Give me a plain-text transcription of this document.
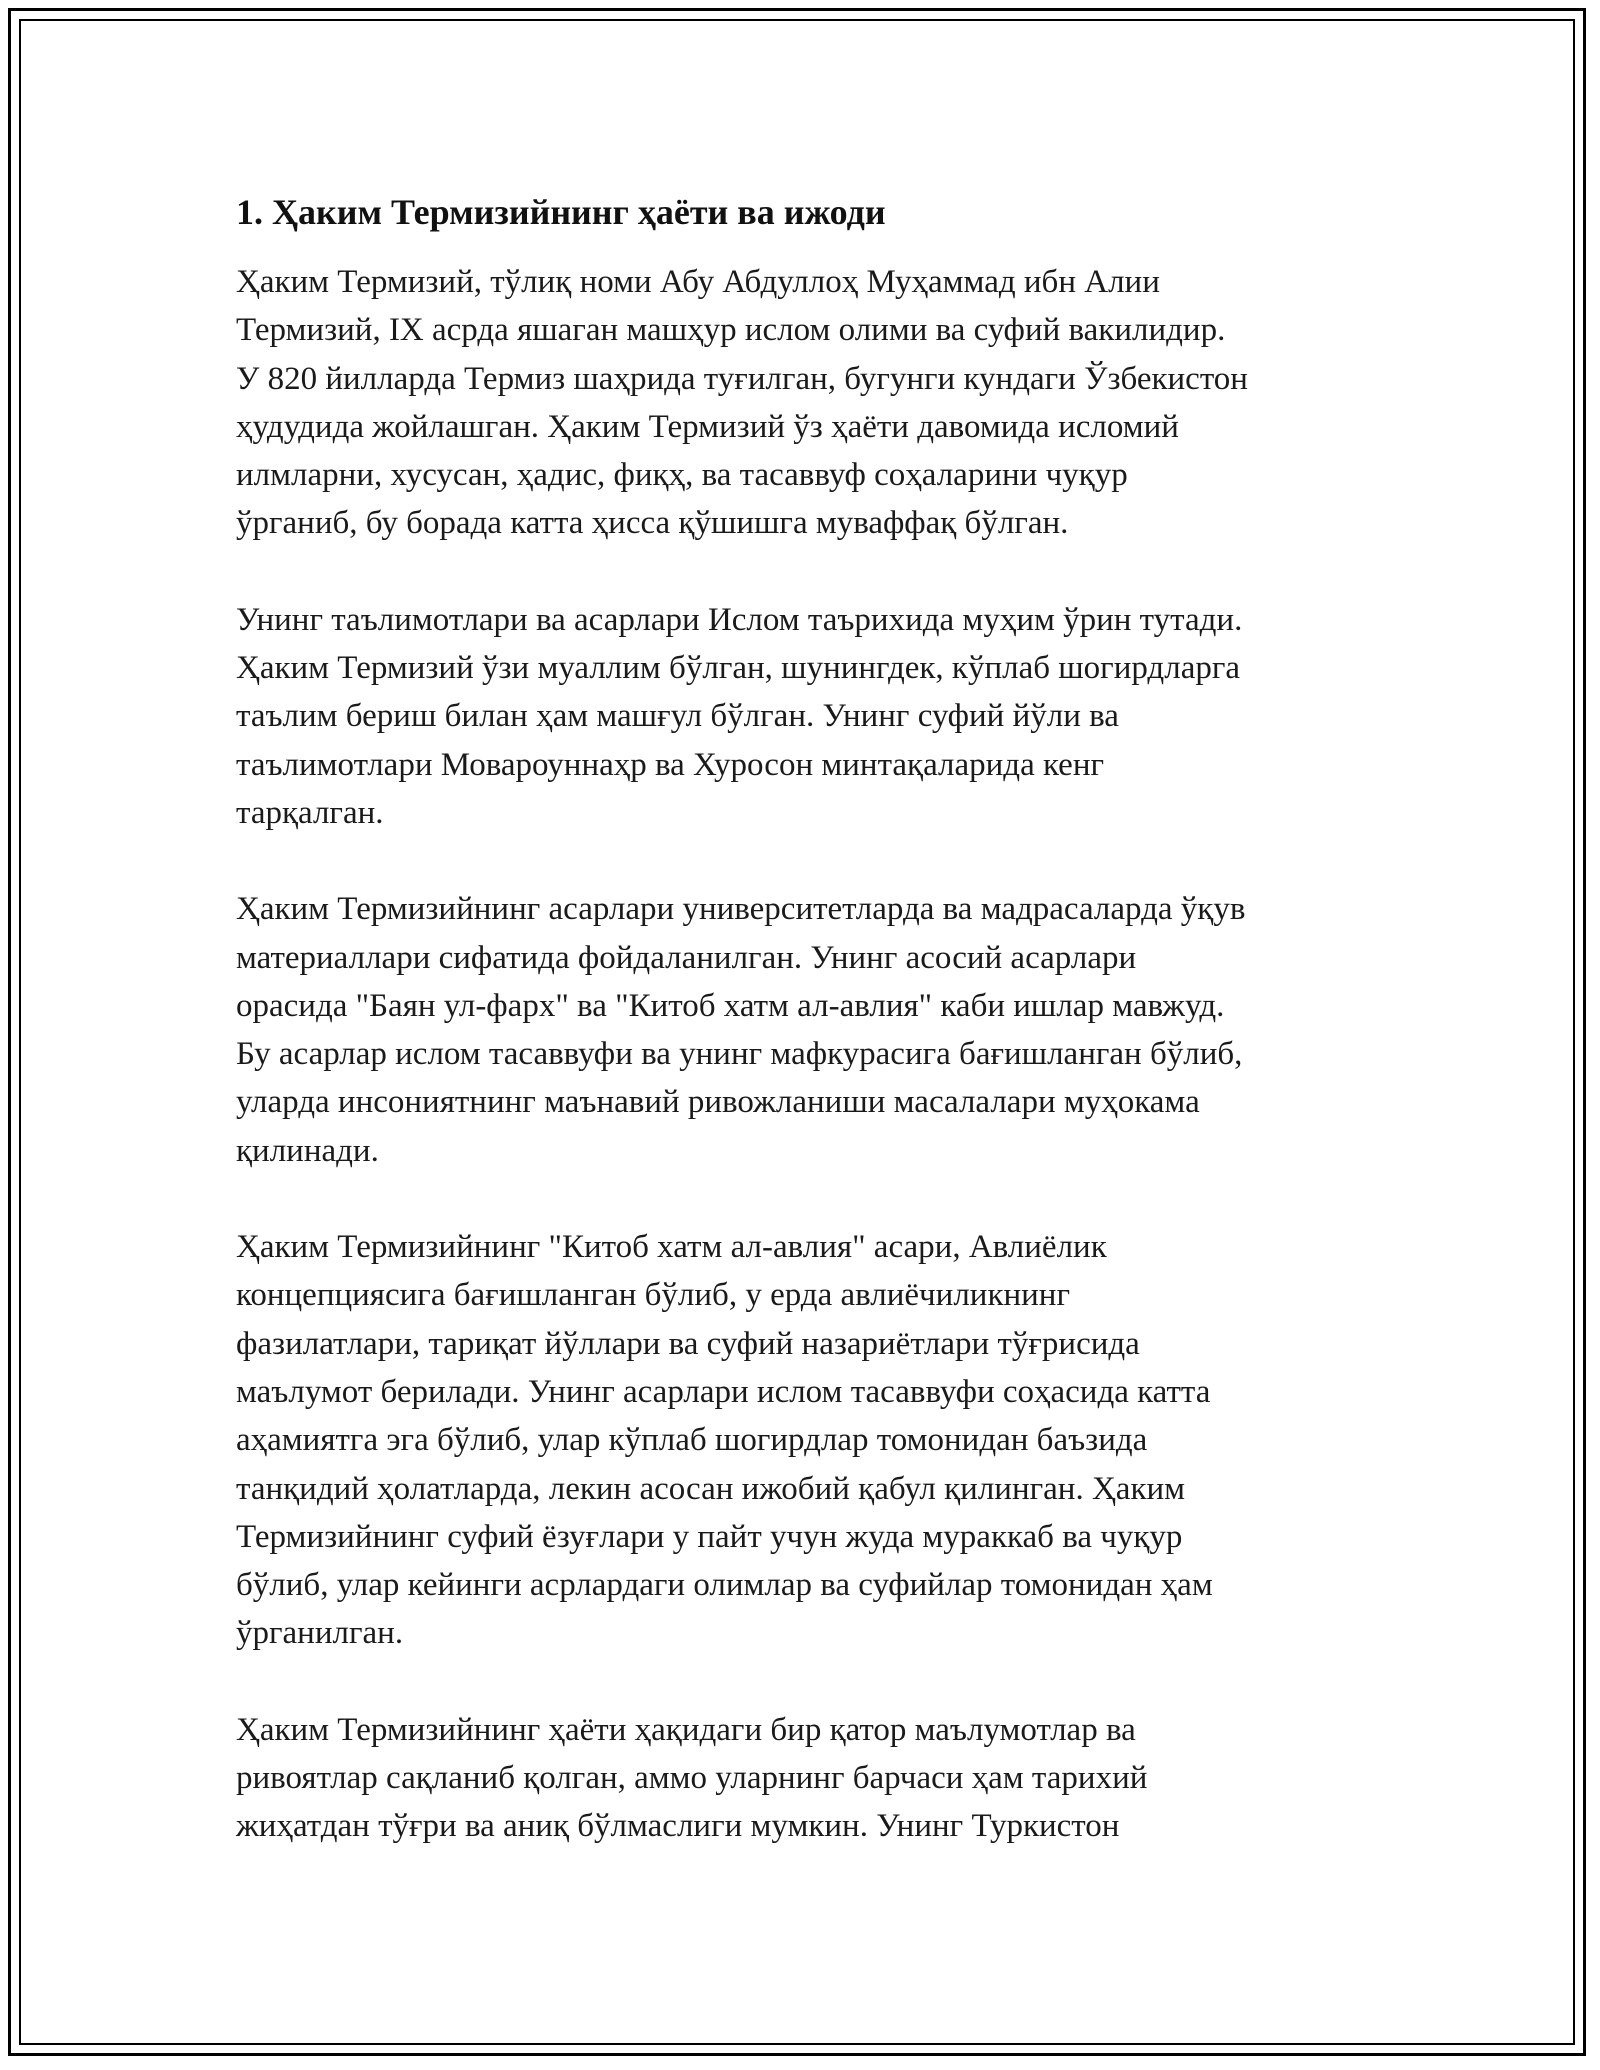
1. Ҳаким Термизийнинг ҳаёти ва ижоди

Ҳаким Термизий, тўлиқ номи Абу Абдуллоҳ Муҳаммад ибн Алии
Термизий, IX асрда яшаган машҳур ислом олими ва суфий вакилидир.
У 820 йилларда Термиз шаҳрида туғилган, бугунги кундаги Ўзбекистон
ҳудудида жойлашган. Ҳаким Термизий ўз ҳаёти давомида исломий
илмларни, хусусан, ҳадис, фиқҳ, ва тасаввуф соҳаларини чуқур
ўрганиб, бу борада катта ҳисса қўшишга муваффақ бўлган.

Унинг таълимотлари ва асарлари Ислом таърихида муҳим ўрин тутади.
Ҳаким Термизий ўзи муаллим бўлган, шунингдек, кўплаб шогирдларга
таълим бериш билан ҳам машғул бўлган. Унинг суфий йўли ва
таълимотлари Мовароуннаҳр ва Хуросон минтақаларида кенг
тарқалган.

Ҳаким Термизийнинг асарлари университетларда ва мадрасаларда ўқув
материаллари сифатида фойдаланилган. Унинг асосий асарлари
орасида "Баян ул-фарх" ва "Китоб хатм ал-авлия" каби ишлар мавжуд.
Бу асарлар ислом тасаввуфи ва унинг мафкурасига бағишланган бўлиб,
уларда инсониятнинг маънавий ривожланиши масалалари муҳокама
қилинади.

Ҳаким Термизийнинг "Китоб хатм ал-авлия" асари, Авлиёлик
концепциясига бағишланган бўлиб, у ерда авлиёчиликнинг
фазилатлари, тариқат йўллари ва суфий назариётлари тўғрисида
маълумот берилади. Унинг асарлари ислом тасаввуфи соҳасида катта
аҳамиятга эга бўлиб, улар кўплаб шогирдлар томонидан баъзида
танқидий ҳолатларда, лекин асосан ижобий қабул қилинган. Ҳаким
Термизийнинг суфий ёзуғлари у пайт учун жуда мураккаб ва чуқур
бўлиб, улар кейинги асрлардаги олимлар ва суфийлар томонидан ҳам
ўрганилган.

Ҳаким Термизийнинг ҳаёти ҳақидаги бир қатор маълумотлар ва
ривоятлар сақланиб қолган, аммо уларнинг барчаси ҳам тарихий
жиҳатдан тўғри ва аниқ бўлмаслиги мумкин. Унинг Туркистон
